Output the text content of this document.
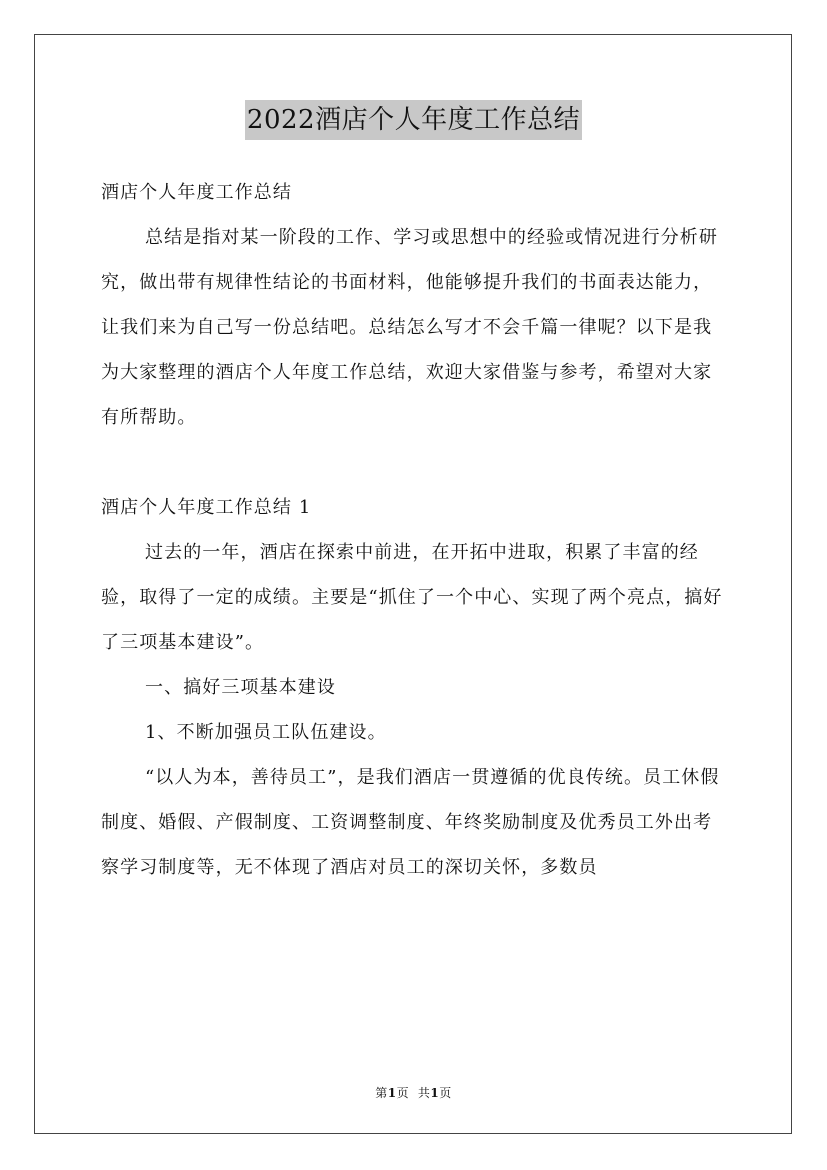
2022酒店个人年度工作总结

酒店个人年度工作总结

总结是指对某一阶段的工作、学习或思想中的经验或情况进行分析研究，做出带有规律性结论的书面材料，他能够提升我们的书面表达能力，让我们来为自己写一份总结吧。总结怎么写才不会千篇一律呢？以下是我为大家整理的酒店个人年度工作总结，欢迎大家借鉴与参考，希望对大家有所帮助。

酒店个人年度工作总结 1

过去的一年，酒店在探索中前进，在开拓中进取，积累了丰富的经验，取得了一定的成绩。主要是“抓住了一个中心、实现了两个亮点，搞好了三项基本建设”。

一、搞好三项基本建设

1、不断加强员工队伍建设。

“以人为本，善待员工”，是我们酒店一贯遵循的优良传统。员工休假制度、婚假、产假制度、工资调整制度、年终奖励制度及优秀员工外出考察学习制度等，无不体现了酒店对员工的深切关怀，多数员

第1页 共1页
